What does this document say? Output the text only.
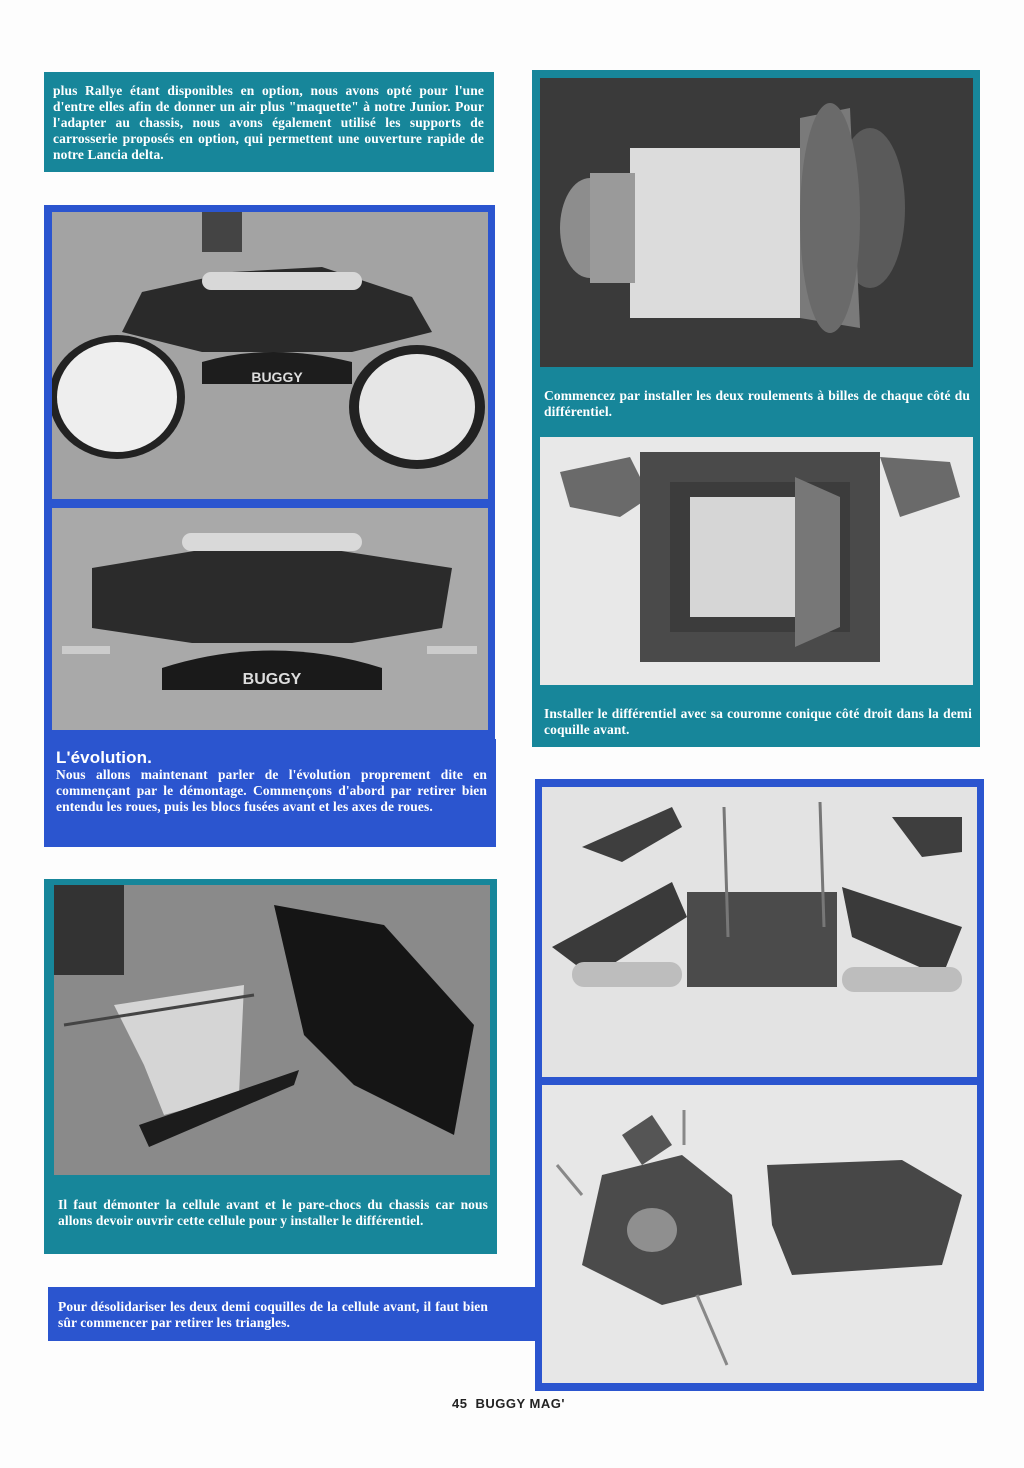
plus Rallye étant disponibles en option, nous avons opté pour l'une d'entre elles afin de donner un air plus "maquette" à notre Junior. Pour l'adapter au chassis, nous avons également utilisé les supports de carrosserie proposés en option, qui permettent une ouverture rapide de notre Lancia delta.
BUGGY
BUGGY
L'évolution.
Nous allons maintenant parler de l'évolution proprement dite en commençant par le démontage. Commençons d'abord par retirer bien entendu les roues, puis les blocs fusées avant et les axes de roues.
Il faut démonter la cellule avant et le pare-chocs du chassis car nous allons devoir ouvrir cette cellule pour y installer le différentiel.
Pour désolidariser les deux demi coquilles de la cellule avant, il faut bien sûr commencer par retirer les triangles.
Commencez par installer les deux roulements à billes de chaque côté du différentiel.
Installer le différentiel avec sa couronne conique côté droit dans la demi coquille avant.
45 BUGGY MAG'
